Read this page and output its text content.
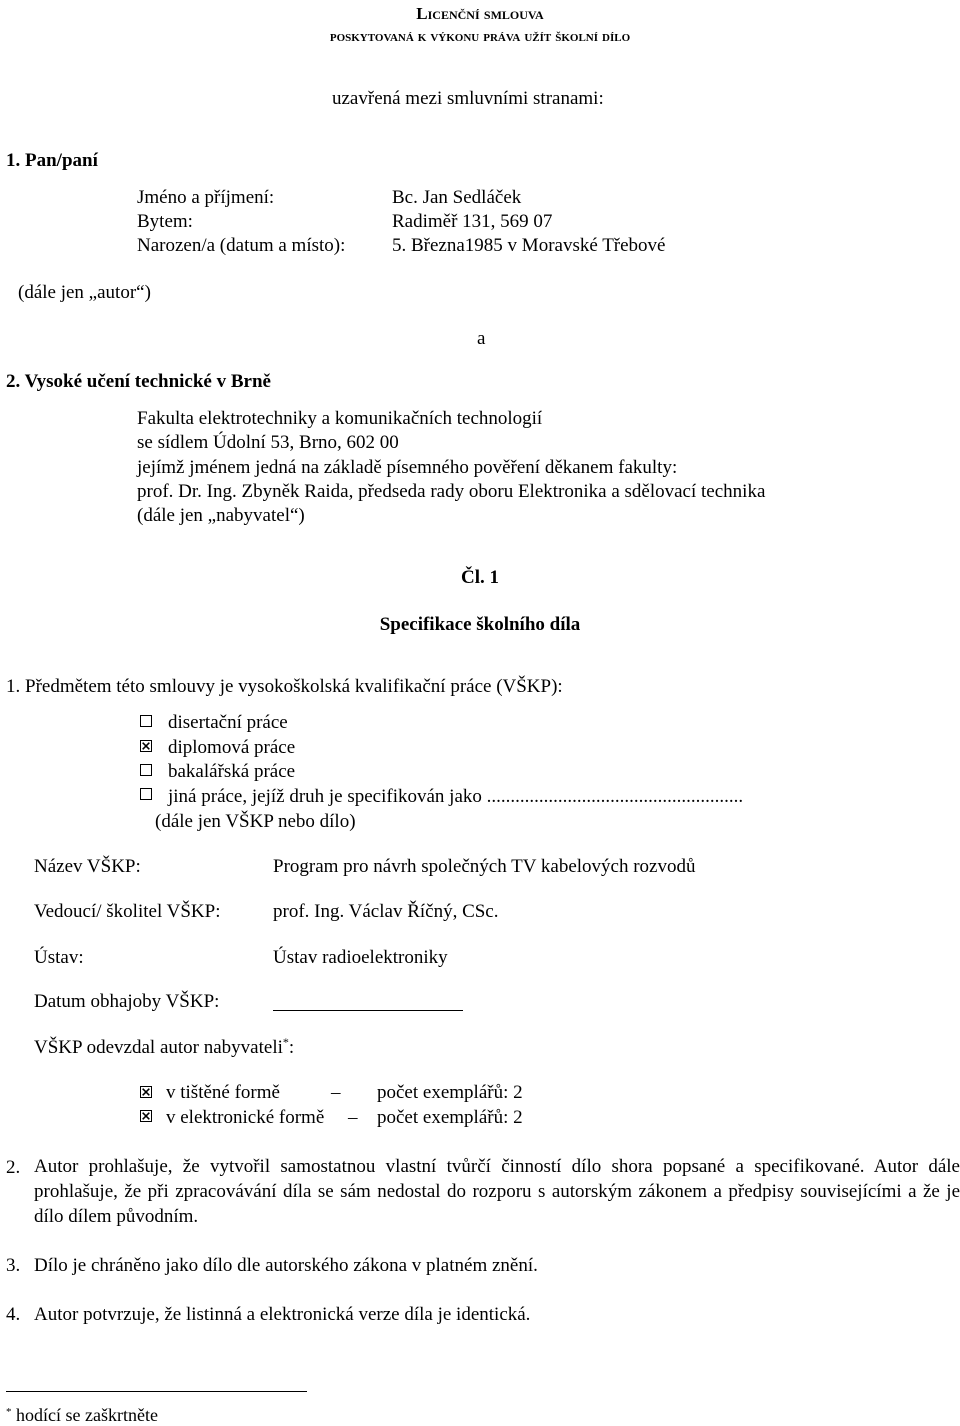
Licenční smlouva
poskytovaná k výkonu práva užít školní dílo
uzavřená mezi smluvními stranami:
1. Pan/paní
Jméno a příjmení:	Bc. Jan Sedláček
Bytem:	Radiměř 131, 569 07
Narozen/a (datum a místo): 5. Března1985 v Moravské Třebové
(dále jen „autor“)
a
2. Vysoké učení technické v Brně
Fakulta elektrotechniky a komunikačních technologií
se sídlem Údolní 53, Brno, 602 00
jejímž jménem jedná na základě písemného pověření děkanem fakulty:
prof. Dr. Ing. Zbyněk Raida, předseda rady oboru Elektronika a sdělovací technika
(dále jen „nabyvatel“)
Čl. 1
Specifikace školního díla
1. Předmětem této smlouvy je vysokoškolská kvalifikační práce (VŠKP):
disertační práce
diplomová práce
bakalářská práce
jiná práce, jejíž druh je specifikován jako ......................................................
(dále jen VŠKP nebo dílo)
Název VŠKP:	Program pro návrh společných TV kabelových rozvodů
Vedoucí/ školitel VŠKP:	prof. Ing. Václav Říčný, CSc.
Ústav:	Ústav radioelektroniky
Datum obhajoby VŠKP:
VŠKP odevzdal autor nabyvateli*:
v tištěné formě	– počet exemplářů: 2
v elektronické formě – počet exemplářů: 2
2. Autor prohlašuje, že vytvořil samostatnou vlastní tvůrčí činností dílo shora popsané a specifikované. Autor dále prohlašuje, že při zpracovávání díla se sám nedostal do rozporu s autorským zákonem a předpisy souvisejícími a že je dílo dílem původním.
3. Dílo je chráněno jako dílo dle autorského zákona v platném znění.
4. Autor potvrzuje, že listinná a elektronická verze díla je identická.
* hodící se zaškrtněte
